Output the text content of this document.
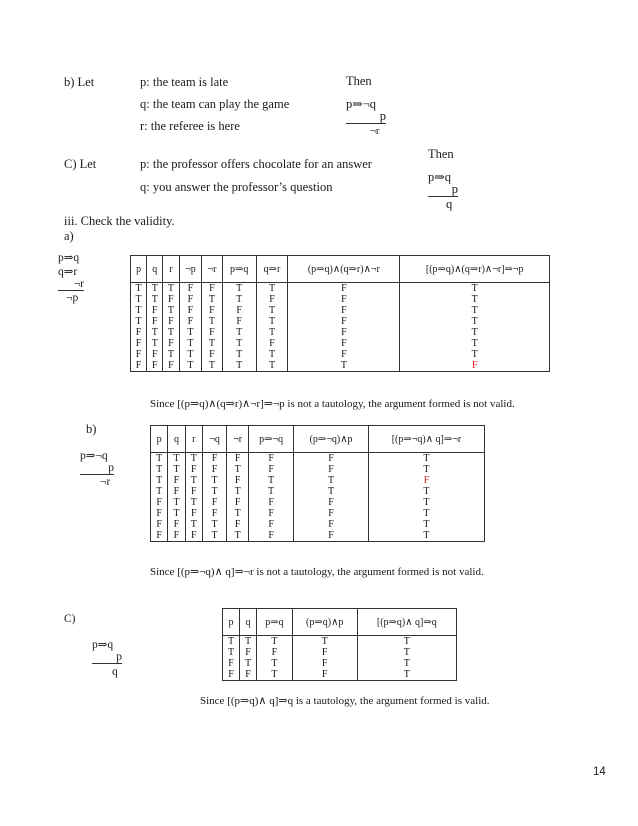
b) Let	p: the team is late
q: the team can play the game
r: the referee is here
Then
p⇒¬q
p
¬r
C) Let	p: the professor offers chocolate for an answer
q: you answer the professor’s question
Then
p⇒q
p
q
iii. Check the validity.
a)
p⇒q
q⇒r
¬r
¬p
p	q	r	¬p	¬r	p⇒q	q⇒r	(p⇒q)∧(q⇒r)∧¬r	[(p⇒q)∧(q⇒r)∧¬r]⇒¬p
T	T	T	F	F	T	T	F	T
T	T	F	F	T	T	F	F	T
T	F	T	F	F	F	T	F	T
T	F	F	F	T	F	T	F	T
F	T	T	T	F	T	T	F	T
F	T	F	T	T	T	F	F	T
F	F	T	T	F	T	T	F	T
F	F	F	T	T	T	T	T	F
Since [(p⇒q)∧(q⇒r)∧¬r]⇒¬p is not a tautology, the argument formed is not valid.
b)
p⇒¬q
p
¬r
p	q	r	¬q	¬r	p⇒¬q	(p⇒¬q)∧p	[(p⇒¬q)∧ q]⇒¬r
T	T	T	F	F	F	F	T
T	T	F	F	T	F	F	T
T	F	T	T	F	T	T	F
T	F	F	T	T	T	T	T
F	T	T	F	F	F	F	T
F	T	F	F	T	F	F	T
F	F	T	T	F	F	F	T
F	F	F	T	T	F	F	T
Since [(p⇒¬q)∧ q]⇒¬r is not a tautology, the argument formed is not valid.
C)
p⇒q
p
q
p	q	p⇒q	(p⇒q)∧p	[(p⇒q)∧ q]⇒q
T	T	T	T	T
T	F	F	F	T
F	T	T	F	T
F	F	T	F	T
Since [(p⇒q)∧ q]⇒q is a tautology, the argument formed is valid.
14
